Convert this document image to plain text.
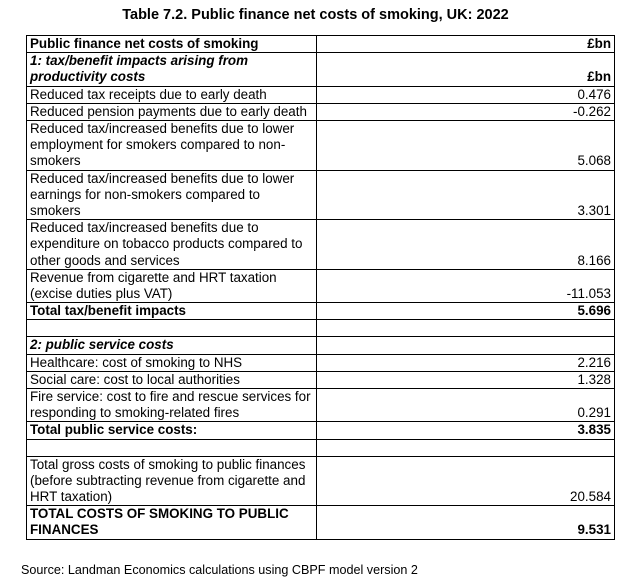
Table 7.2. Public finance net costs of smoking, UK: 2022
Public finance net costs of smoking	£bn
1: tax/benefit impacts arising from productivity costs	£bn
Reduced tax receipts due to early death	0.476
Reduced pension payments due to early death	-0.262
Reduced tax/increased benefits due to lower employment for smokers compared to non-smokers	5.068
Reduced tax/increased benefits due to lower earnings for non-smokers compared to smokers	3.301
Reduced tax/increased benefits due to expenditure on tobacco products compared to other goods and services	8.166
Revenue from cigarette and HRT taxation (excise duties plus VAT)	-11.053
Total tax/benefit impacts	5.696

2: public service costs	
Healthcare: cost of smoking to NHS	2.216
Social care: cost to local authorities	1.328
Fire service: cost to fire and rescue services for responding to smoking-related fires	0.291
Total public service costs:	3.835

Total gross costs of smoking to public finances (before subtracting revenue from cigarette and HRT taxation)	20.584
TOTAL COSTS OF SMOKING TO PUBLIC FINANCES	9.531
Source: Landman Economics calculations using CBPF model version 2
